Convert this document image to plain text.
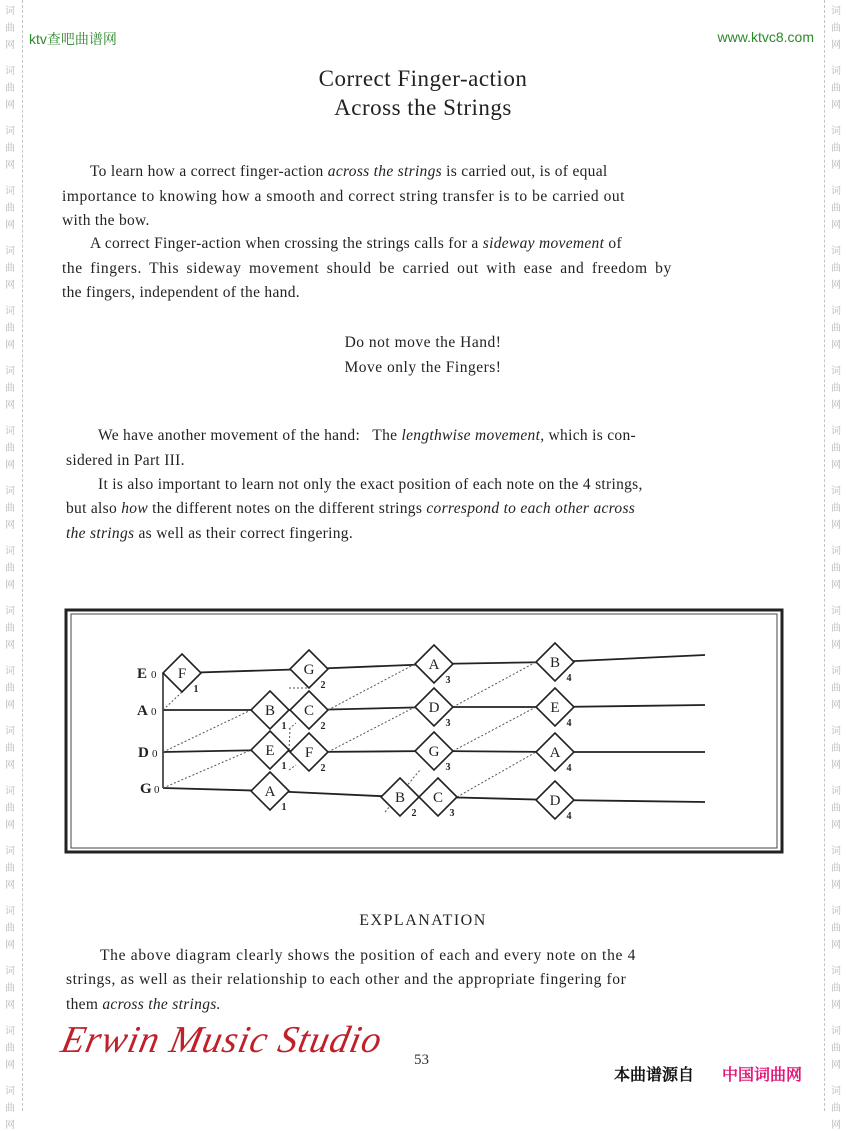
词
曲
网
词
曲
网
词
曲
网
词
曲
网
词
曲
网
词
曲
网
词
曲
网
词
曲
网
词
曲
网
词
曲
网
词
曲
网
词
曲
网
词
曲
网
词
曲
网
词
曲
网
词
曲
网
词
曲
网
词
曲
网
词
曲
网
词
曲
网
词
曲
网
词
曲
网
词
曲
网
词
曲
网
词
曲
网
词
曲
网
词
曲
网
词
曲
网
词
曲
网
词
曲
网
词
曲
网
词
曲
网
词
曲
网
词
曲
网
词
曲
网
词
曲
网
词
曲
网
词
曲
网
ktv查吧曲谱网	www.ktvc8.com
Correct Finger-action
Across the Strings
To learn how a correct finger-action across the strings is carried out, is of equal
importance to knowing how a smooth and correct string transfer is to be carried out
with the bow.
A correct Finger-action when crossing the strings calls for a sideway movement of
the fingers. This sideway movement should be carried out with ease and freedom by
the fingers, independent of the hand.
Do not move the Hand!
Move only the Fingers!
We have another movement of the hand:   The lengthwise movement, which is con-
sidered in Part III.
It is also important to learn not only the exact position of each note on the 4 strings,
but also how the different notes on the different strings correspond to each other across
the strings as well as their correct fingering.
E 0
A 0
D 0
G 0
F
1
B
1
E
1
A
1
G
2
C
2
F
2
B
2
A
3
D
3
G
3
C
3
B
4
E
4
A
4
D
4
EXPLANATION
The above diagram clearly shows the position of each and every note on the 4
strings, as well as their relationship to each other and the appropriate fingering for
them across the strings.
Erwin Music Studio 53
本曲谱源自 中国词曲网
